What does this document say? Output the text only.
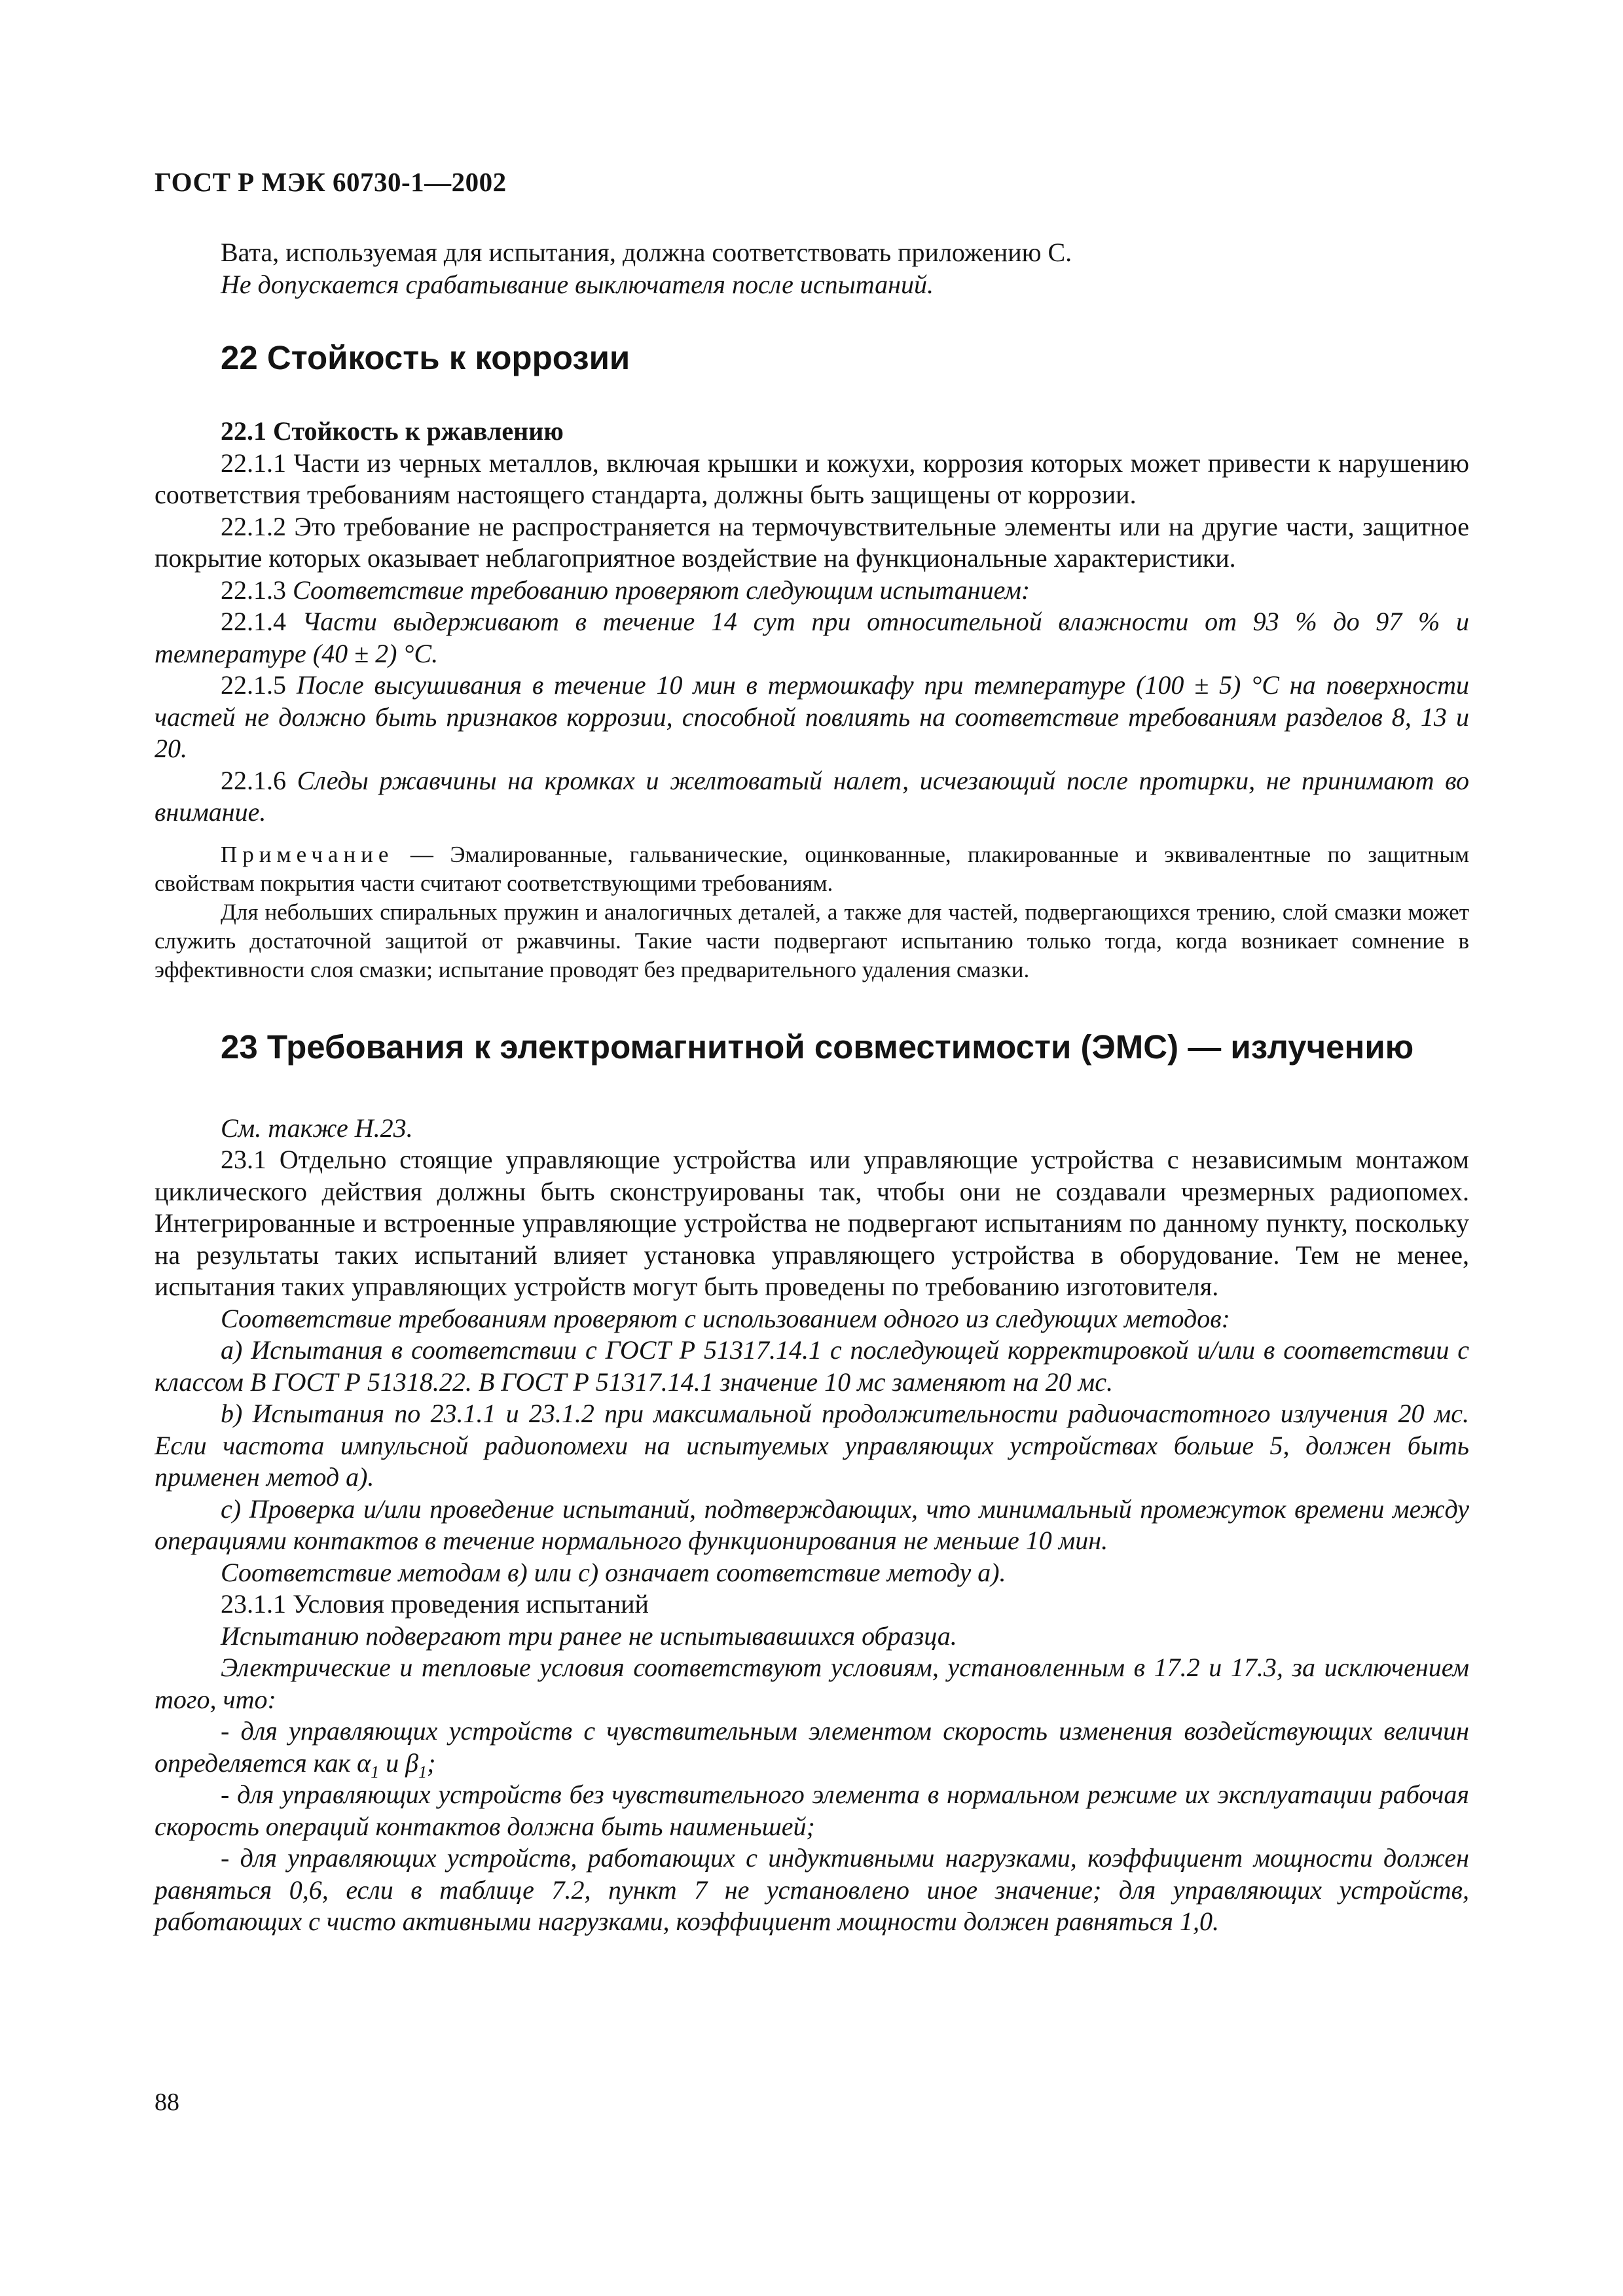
ГОСТ Р МЭК 60730-1—2002

Вата, используемая для испытания, должна соответствовать приложению С.

Не допускается срабатывание выключателя после испытаний.

22 Стойкость к коррозии
22.1 Стойкость к ржавлению

22.1.1 Части из черных металлов, включая крышки и кожухи, коррозия которых может привести к нарушению соответствия требованиям настоящего стандарта, должны быть защищены от коррозии.

22.1.2 Это требование не распространяется на термочувствительные элементы или на другие части, защитное покрытие которых оказывает неблагоприятное воздействие на функциональные характеристики.

22.1.3 Соответствие требованию проверяют следующим испытанием:

22.1.4 Части выдерживают в течение 14 сут при относительной влажности от 93 % до 97 % и температуре (40 ± 2) °С.

22.1.5 После высушивания в течение 10 мин в термошкафу при температуре (100 ± 5) °С на поверхности частей не должно быть признаков коррозии, способной повлиять на соответствие требованиям разделов 8, 13 и 20.

22.1.6 Следы ржавчины на кромках и желтоватый налет, исчезающий после протирки, не принимают во внимание.

Примечание — Эмалированные, гальванические, оцинкованные, плакированные и эквивалентные по защитным свойствам покрытия части считают соответствующими требованиям.

Для небольших спиральных пружин и аналогичных деталей, а также для частей, подвергающихся трению, слой смазки может служить достаточной защитой от ржавчины. Такие части подвергают испытанию только тогда, когда возникает сомнение в эффективности слоя смазки; испытание проводят без предварительного удаления смазки.

23 Требования к электромагнитной совместимости (ЭМС) — излучению

См. также Н.23.

23.1 Отдельно стоящие управляющие устройства или управляющие устройства с независимым монтажом циклического действия должны быть сконструированы так, чтобы они не создавали чрезмерных радиопомех. Интегрированные и встроенные управляющие устройства не подвергают испытаниям по данному пункту, поскольку на результаты таких испытаний влияет установка управляющего устройства в оборудование. Тем не менее, испытания таких управляющих устройств могут быть проведены по требованию изготовителя.

Соответствие требованиям проверяют с использованием одного из следующих методов:

а) Испытания в соответствии с ГОСТ Р 51317.14.1 с последующей корректировкой и/или в соответствии с классом В ГОСТ Р 51318.22. В ГОСТ Р 51317.14.1 значение 10 мс заменяют на 20 мс.

b) Испытания по 23.1.1 и 23.1.2 при максимальной продолжительности радиочастотного излучения 20 мс. Если частота импульсной радиопомехи на испытуемых управляющих устройствах больше 5, должен быть применен метод а).

с) Проверка и/или проведение испытаний, подтверждающих, что минимальный промежуток времени между операциями контактов в течение нормального функционирования не меньше 10 мин.

Соответствие методам в) или с) означает соответствие методу а).

23.1.1 Условия проведения испытаний

Испытанию подвергают три ранее не испытывавшихся образца.

Электрические и тепловые условия соответствуют условиям, установленным в 17.2 и 17.3, за исключением того, что:

- для управляющих устройств с чувствительным элементом скорость изменения воздействующих величин определяется как $\alpha_1$ и $\beta_1$;

- для управляющих устройств без чувствительного элемента в нормальном режиме их эксплуатации рабочая скорость операций контактов должна быть наименьшей;

- для управляющих устройств, работающих с индуктивными нагрузками, коэффициент мощности должен равняться 0,6, если в таблице 7.2, пункт 7 не установлено иное значение; для управляющих устройств, работающих с чисто активными нагрузками, коэффициент мощности должен равняться 1,0.

88
